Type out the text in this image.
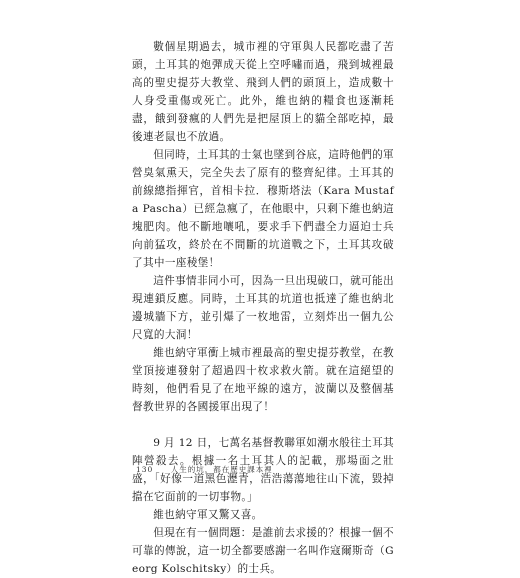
數個星期過去，城市裡的守軍與人民都吃盡了苦頭，土耳其的炮彈成天從上空呼嘯而過，飛到城裡最高的聖史提芬大教堂、飛到人們的頭頂上，造成數十人身受重傷或死亡。此外，維也納的糧食也逐漸耗盡，餓到發瘋的人們先是把屋頂上的貓全部吃掉，最後連老鼠也不放過。

但同時，土耳其的士氣也墜到谷底，這時他們的軍營臭氣熏天，完全失去了原有的整齊紀律。土耳其的前線總指揮官，首相卡拉．穆斯塔法（Kara Mustafa Pascha）已經急瘋了，在他眼中，只剩下維也納這塊肥肉。他不斷地嚷吼，要求手下們盡全力逼迫士兵向前猛攻，終於在不間斷的坑道戰之下，土耳其攻破了其中一座稜堡！

這件事情非同小可，因為一旦出現破口，就可能出現連鎖反應。同時，土耳其的坑道也抵達了維也納北邊城牆下方，並引爆了一枚地雷，立刻炸出一個九公尺寬的大洞！

維也納守軍衝上城市裡最高的聖史提芬教堂，在教堂頂接連發射了超過四十枚求救火箭。就在這絕望的時刻，他們看見了在地平線的遠方，波蘭以及整個基督教世界的各國援軍出現了！

9 月 12 日，七萬名基督教聯軍如潮水般往土耳其陣營殺去。根據一名土耳其人的記載，那場面之壯盛，「好像一道黑色瀝青，浩浩蕩蕩地往山下流，毀掉擋在它面前的一切事物。」

維也納守軍又驚又喜。

但現在有一個問題：是誰前去求援的？根據一個不可靠的傳說，這一切全都要感謝一名叫作寇爾斯奇（Georg Kolschitsky）的士兵。

130 人生的坑，都在歷史課本裡
